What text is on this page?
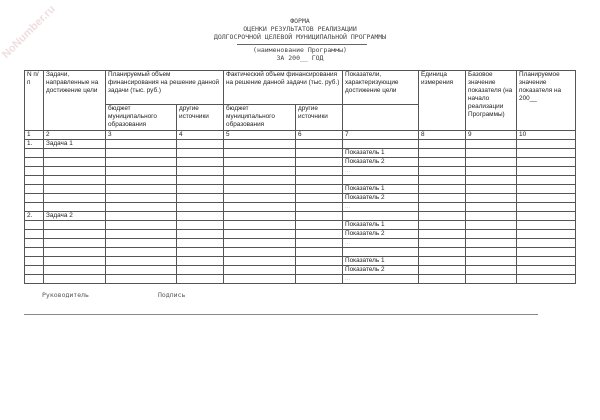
NoNumber.ru	ФОРМА
ОЦЕНКИ РЕЗУЛЬТАТОВ РЕАЛИЗАЦИИ
ДОЛГОСРОЧНОЙ ЦЕЛЕВОЙ МУНИЦИПАЛЬНОЙ ПРОГРАММЫ
(наименование Программы)
ЗА 200__ ГОД
N п/п	Задачи, направленные на достижение цели	Планируемый объем финансирования на решение данной задачи (тыс. руб.)		Фактический объем финансирования на решение данной задачи (тыс. руб.)		Показатели, характеризующие достижение цели	Единица измерения	Базовое значение показателя (на начало реализации Программы)	Планируемое значение показателя на 200__
		бюджет муниципального образования	другие источники	бюджет муниципального образования	другие источники				
1	2	3	4	5	6	7	8	9	10
1.	Задача 1								
						Показатель 1			
						Показатель 2			
						...			

						Показатель 1			
						Показатель 2			
						...			
2.	Задача 2								
						Показатель 1			
						Показатель 2			
						...			

						Показатель 1			
						Показатель 2			
						...			
Руководитель	Подпись
